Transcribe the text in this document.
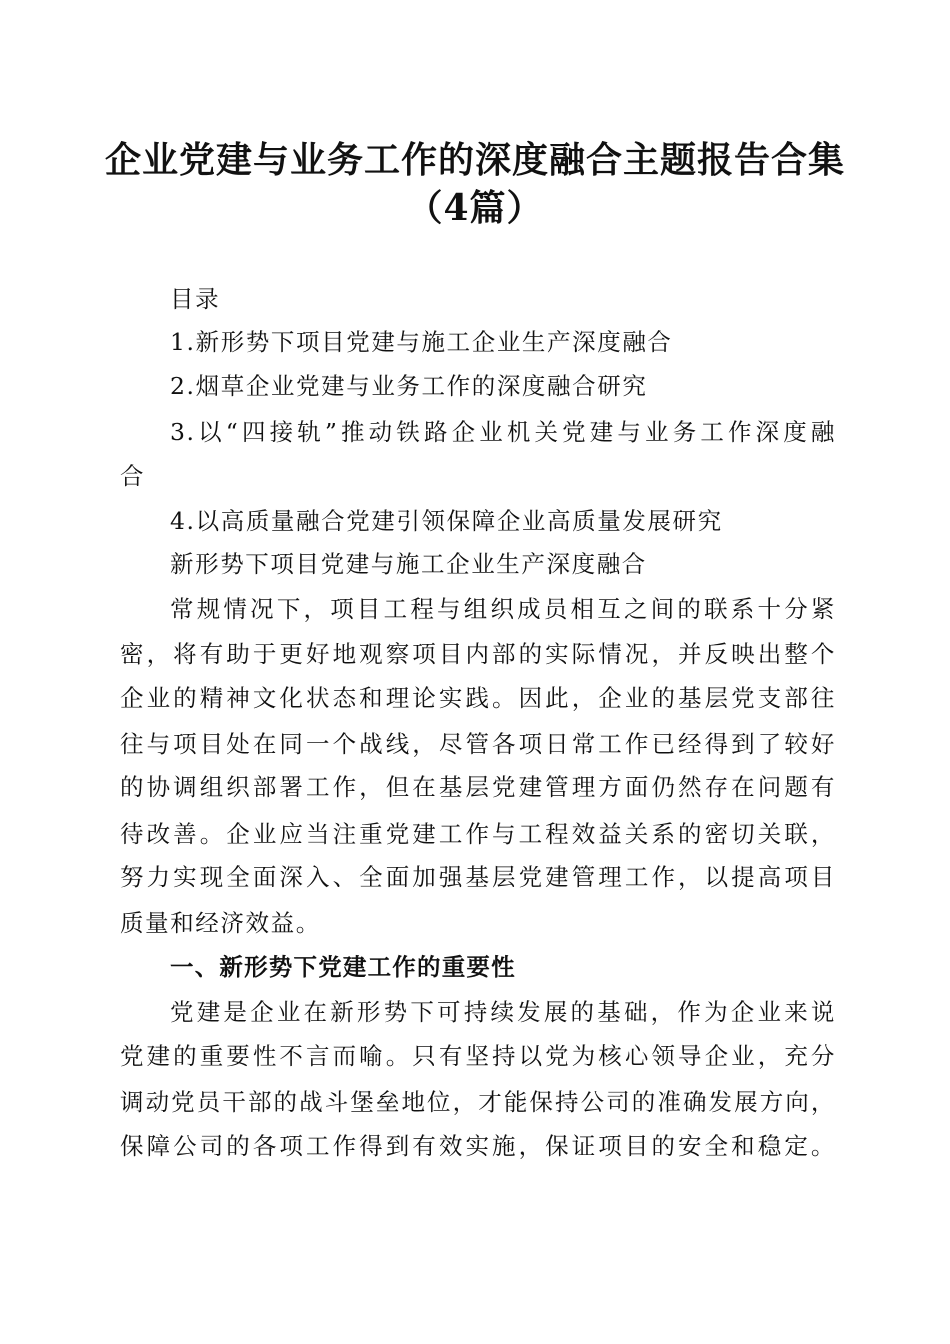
企业党建与业务工作的深度融合主题报告合集
（4篇）
目录
1.新形势下项目党建与施工企业生产深度融合
2.烟草企业党建与业务工作的深度融合研究
3.以“四接轨”推动铁路企业机关党建与业务工作深度融
合
4.以高质量融合党建引领保障企业高质量发展研究
新形势下项目党建与施工企业生产深度融合
常规情况下，项目工程与组织成员相互之间的联系十分紧
密，将有助于更好地观察项目内部的实际情况，并反映出整个
企业的精神文化状态和理论实践。因此，企业的基层党支部往
往与项目处在同一个战线，尽管各项日常工作已经得到了较好
的协调组织部署工作，但在基层党建管理方面仍然存在问题有
待改善。企业应当注重党建工作与工程效益关系的密切关联，
努力实现全面深入、全面加强基层党建管理工作，以提高项目
质量和经济效益。
一、新形势下党建工作的重要性
党建是企业在新形势下可持续发展的基础，作为企业来说
党建的重要性不言而喻。只有坚持以党为核心领导企业，充分
调动党员干部的战斗堡垒地位，才能保持公司的准确发展方向，
保障公司的各项工作得到有效实施，保证项目的安全和稳定。
